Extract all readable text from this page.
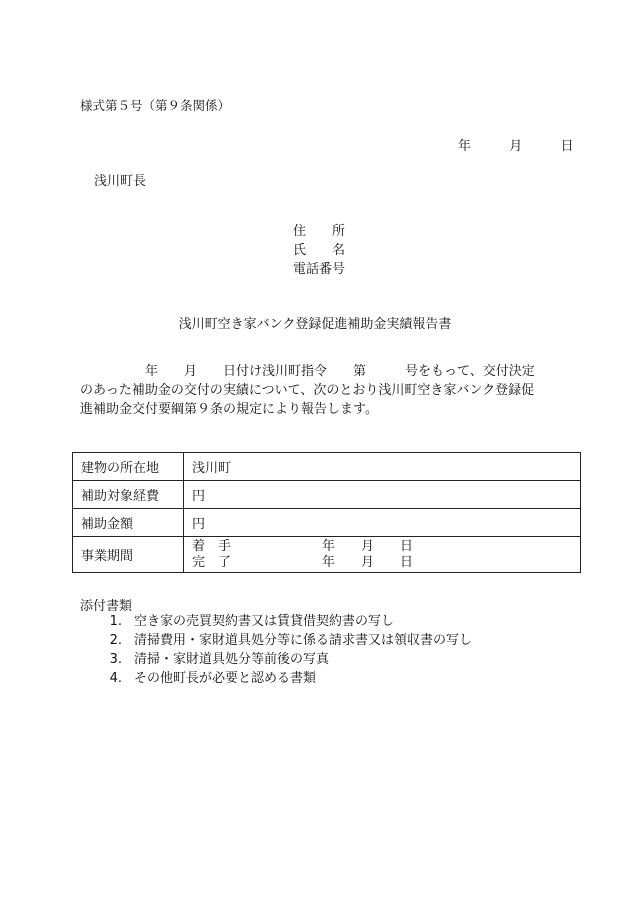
様式第５号（第９条関係）
年	月	日
浅川町長
住　　所
氏　　名
電話番号
浅川町空き家バンク登録促進補助金実績報告書
　　　　　年　　月　　日付け浅川町指令　　第　　　号をもって、交付決定
のあった補助金の交付の実績について、次のとおり浅川町空き家バンク登録促
進補助金交付要綱第９条の規定により報告します。
建物の所在地	浅川町
補助対象経費	円
補助金額	円
事業期間	着　手　　　　　　　年　　月　　日
完　了　　　　　　　年　　月　　日
添付書類
1. 空き家の売買契約書又は賃貸借契約書の写し
2. 清掃費用・家財道具処分等に係る請求書又は領収書の写し
3. 清掃・家財道具処分等前後の写真
4. その他町長が必要と認める書類
